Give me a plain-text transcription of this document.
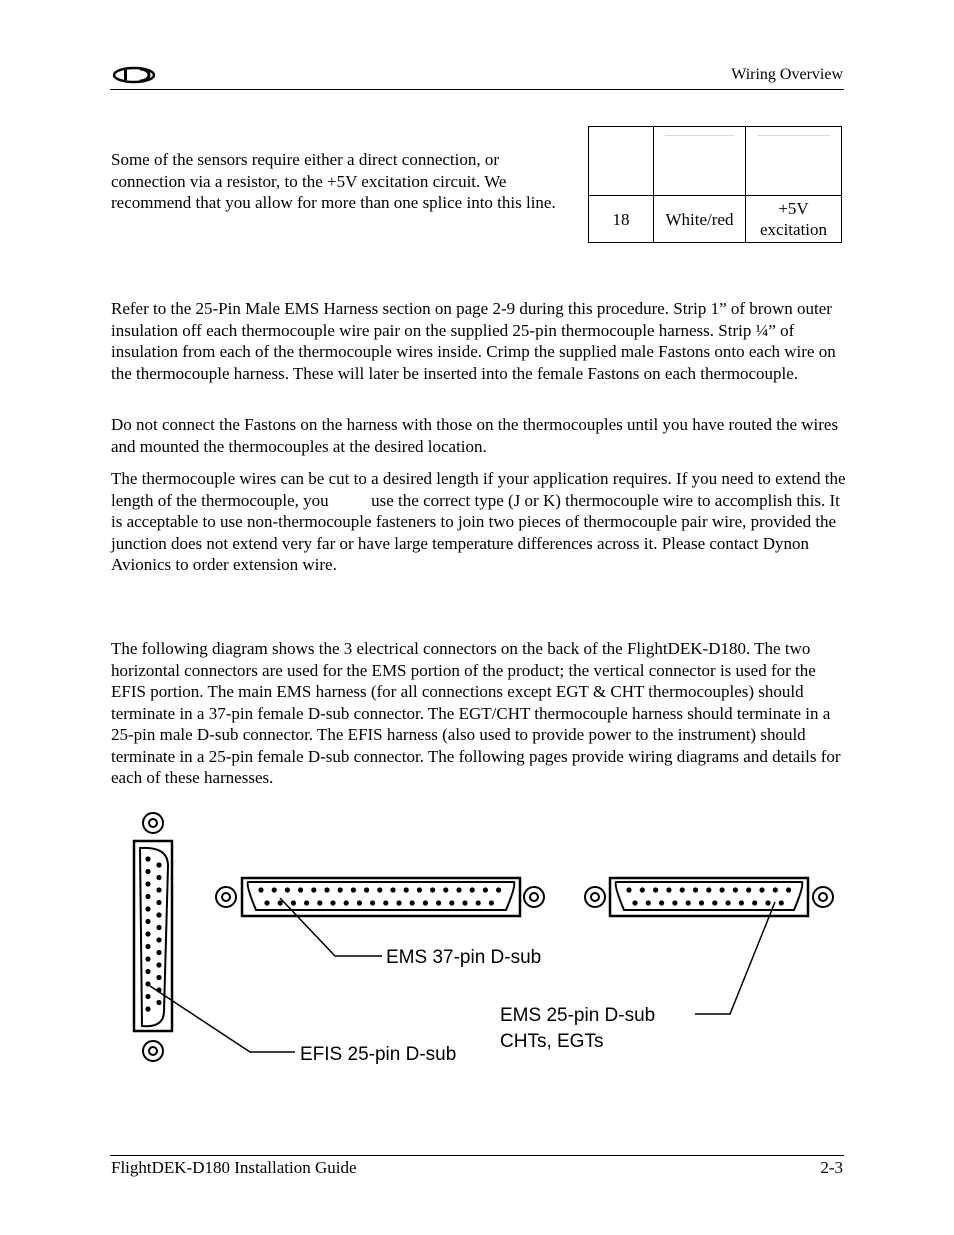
Wiring Overview

Some of the sensors require either a direct connection, or connection via a resistor, to the +5V excitation circuit. We recommend that you allow for more than one splice into this line.

18	White/red	+5V excitation

Refer to the 25-Pin Male EMS Harness section on page 2-9 during this procedure. Strip 1” of brown outer insulation off each thermocouple wire pair on the supplied 25-pin thermocouple harness. Strip ¼” of insulation from each of the thermocouple wires inside. Crimp the supplied male Fastons onto each wire on the thermocouple harness. These will later be inserted into the female Fastons on each thermocouple.

Do not connect the Fastons on the harness with those on the thermocouples until you have routed the wires and mounted the thermocouples at the desired location.

The thermocouple wires can be cut to a desired length if your application requires. If you need to extend the length of the thermocouple, you          use the correct type (J or K) thermocouple wire to accomplish this. It is acceptable to use non-thermocouple fasteners to join two pieces of thermocouple pair wire, provided the junction does not extend very far or have large temperature differences across it. Please contact Dynon Avionics to order extension wire.

The following diagram shows the 3 electrical connectors on the back of the FlightDEK-D180. The two horizontal connectors are used for the EMS portion of the product; the vertical connector is used for the EFIS portion. The main EMS harness (for all connections except EGT & CHT thermocouples) should terminate in a 37-pin female D-sub connector. The EGT/CHT thermocouple harness should terminate in a 25-pin male D-sub connector. The EFIS harness (also used to provide power to the instrument) should terminate in a 25-pin female D-sub connector. The following pages provide wiring diagrams and details for each of these harnesses.

EMS 37-pin D-sub
EMS 25-pin D-sub
CHTs, EGTs
EFIS 25-pin D-sub
FlightDEK-D180 Installation Guide	2-3
